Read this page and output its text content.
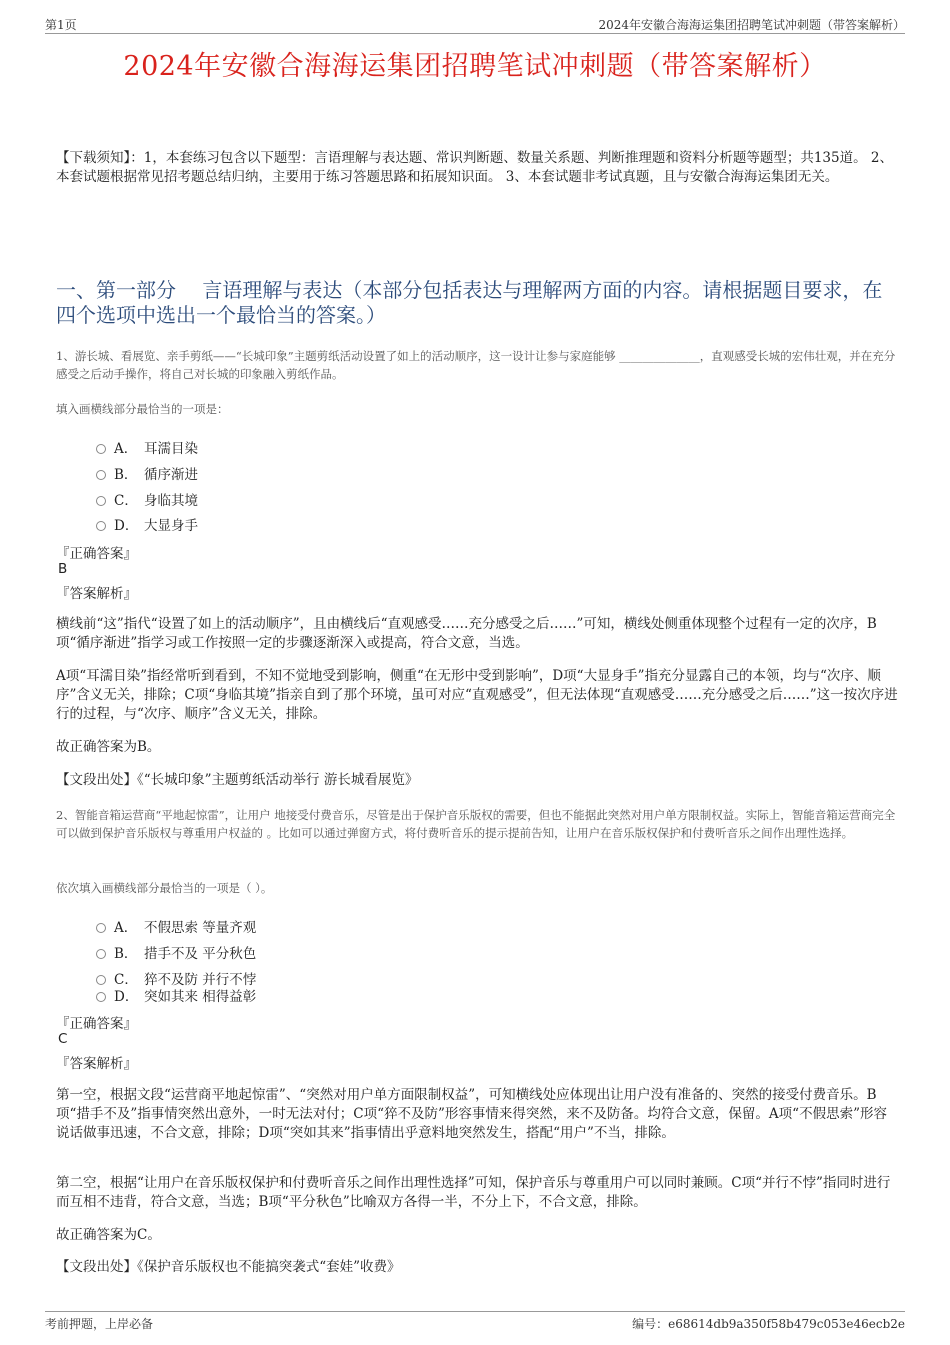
第1页	2024年安徽合海海运集团招聘笔试冲刺题（带答案解析）
2024年安徽合海海运集团招聘笔试冲刺题（带答案解析）
【下载须知】：1，本套练习包含以下题型：言语理解与表达题、常识判断题、数量关系题、判断推理题和资料分析题等题型；共135道。 2、本套试题根据常见招考题总结归纳，主要用于练习答题思路和拓展知识面。 3、本套试题非考试真题，且与安徽合海海运集团无关。
一、第一部分　 言语理解与表达（本部分包括表达与理解两方面的内容。请根据题目要求，在四个选项中选出一个最恰当的答案。）
1、游长城、看展览、亲手剪纸——“长城印象”主题剪纸活动设置了如上的活动顺序，这一设计让参与家庭能够 ______________，直观感受长城的宏伟壮观，并在充分感受之后动手操作，将自己对长城的印象融入剪纸作品。
填入画横线部分最恰当的一项是：
A． 耳濡目染
B． 循序渐进
C． 身临其境
D． 大显身手
『正确答案』
B
『答案解析』
横线前“这”指代“设置了如上的活动顺序”，且由横线后“直观感受……充分感受之后……”可知，横线处侧重体现整个过程有一定的次序，B项“循序渐进”指学习或工作按照一定的步骤逐渐深入或提高，符合文意，当选。
A项“耳濡目染”指经常听到看到，不知不觉地受到影响，侧重“在无形中受到影响”，D项“大显身手”指充分显露自己的本领，均与“次序、顺序”含义无关，排除；C项“身临其境”指亲自到了那个环境，虽可对应“直观感受”，但无法体现“直观感受……充分感受之后……”这一按次序进行的过程，与“次序、顺序”含义无关，排除。
故正确答案为B。
【文段出处】《“长城印象”主题剪纸活动举行 游长城看展览》
2、智能音箱运营商“平地起惊雷”，让用户 地接受付费音乐，尽管是出于保护音乐版权的需要，但也不能据此突然对用户单方限制权益。实际上，智能音箱运营商完全可以做到保护音乐版权与尊重用户权益的 。比如可以通过弹窗方式，将付费听音乐的提示提前告知，让用户在音乐版权保护和付费听音乐之间作出理性选择。
依次填入画横线部分最恰当的一项是（ ）。
A． 不假思索 等量齐观
B． 措手不及 平分秋色
C． 猝不及防 并行不悖
D． 突如其来 相得益彰
『正确答案』
C
『答案解析』
第一空，根据文段“运营商平地起惊雷”、“突然对用户单方面限制权益”，可知横线处应体现出让用户没有准备的、突然的接受付费音乐。B项“措手不及”指事情突然出意外，一时无法对付；C项“猝不及防”形容事情来得突然，来不及防备。均符合文意，保留。A项“不假思索”形容说话做事迅速，不合文意，排除；D项“突如其来”指事情出乎意料地突然发生，搭配“用户”不当，排除。
第二空，根据“让用户在音乐版权保护和付费听音乐之间作出理性选择”可知，保护音乐与尊重用户可以同时兼顾。C项“并行不悖”指同时进行而互相不违背，符合文意，当选；B项“平分秋色”比喻双方各得一半，不分上下，不合文意，排除。
故正确答案为C。
【文段出处】《保护音乐版权也不能搞突袭式“套娃”收费》
考前押题，上岸必备	编号：e68614db9a350f58b479c053e46ecb2e
